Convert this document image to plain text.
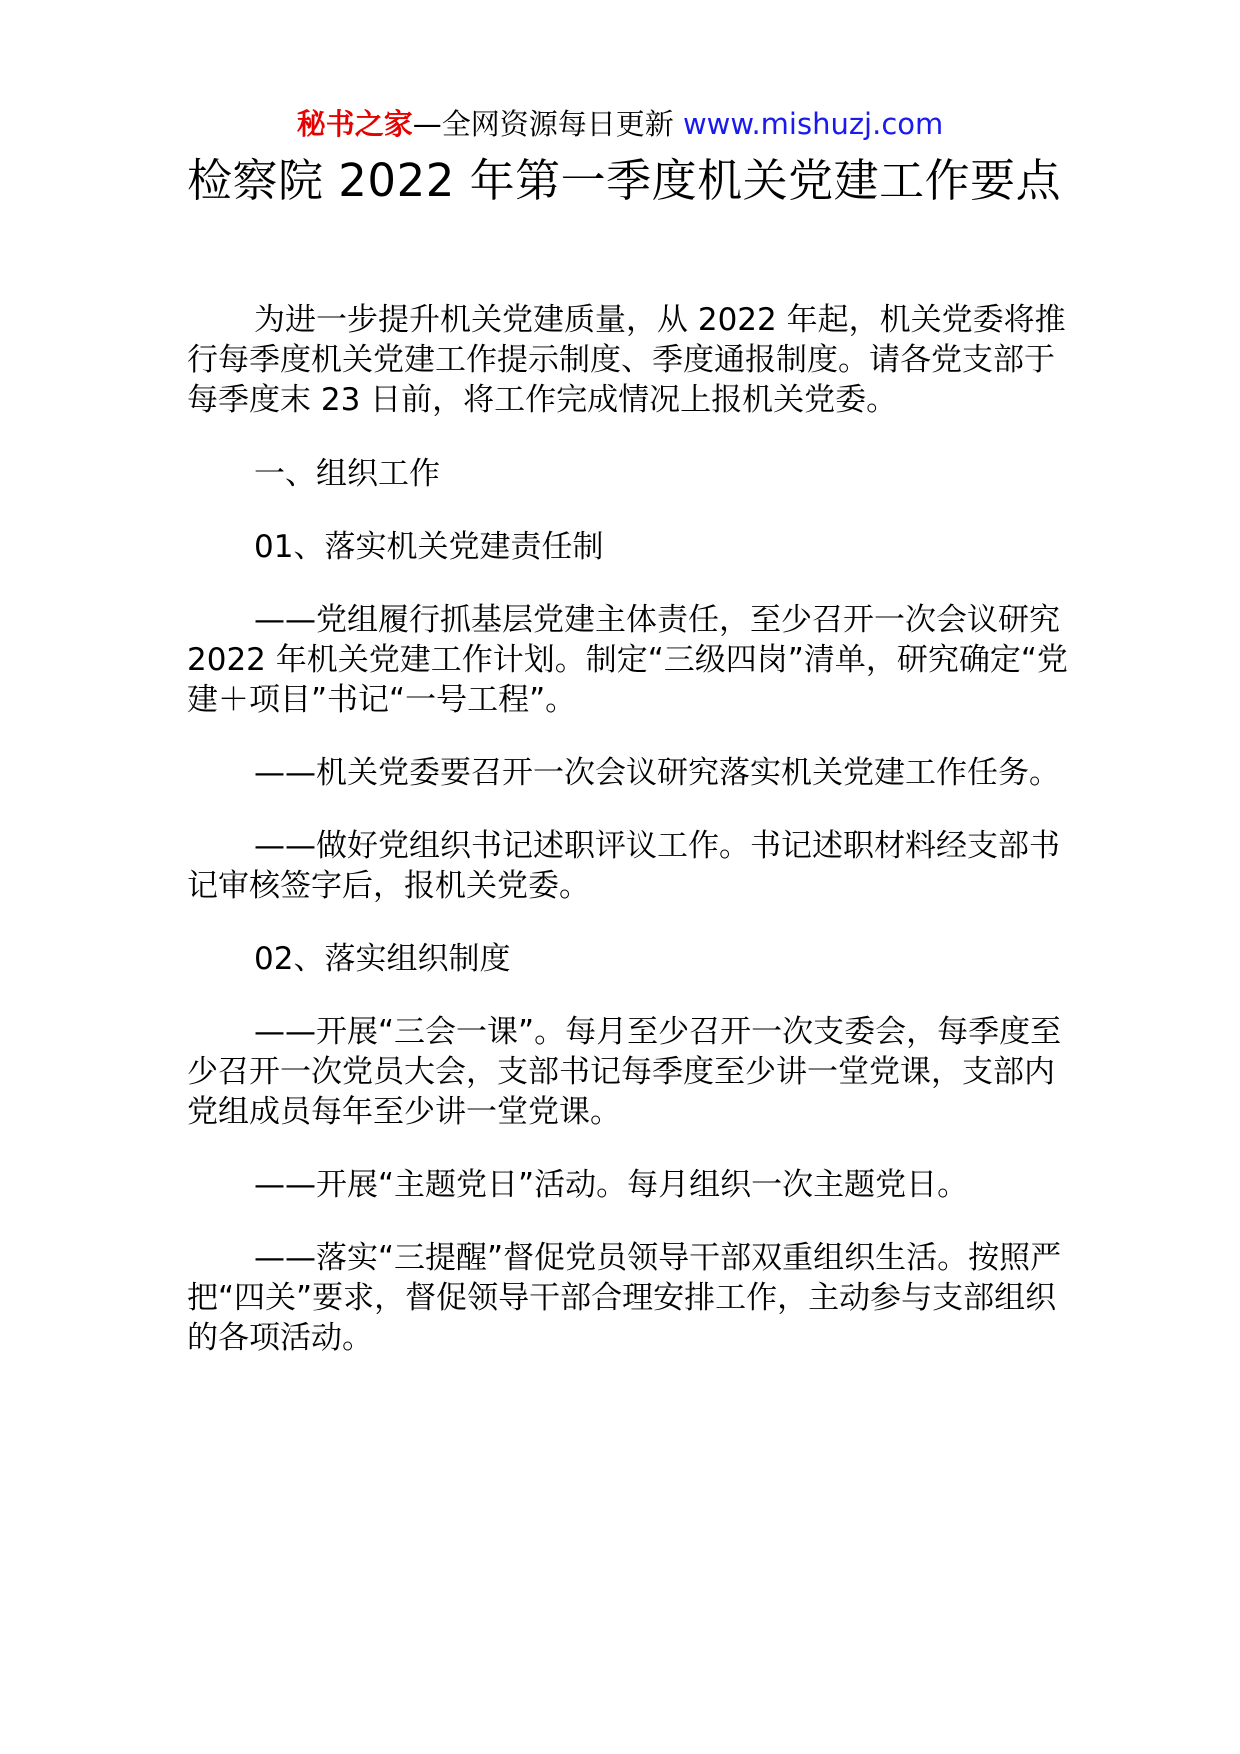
秘书之家—全网资源每日更新 www.mishuzj.com
检察院 2022 年第一季度机关党建工作要点

为进一步提升机关党建质量，从 2022 年起，机关党委将推行每季度机关党建工作提示制度、季度通报制度。请各党支部于每季度末 23 日前，将工作完成情况上报机关党委。

一、组织工作

01、落实机关党建责任制

——党组履行抓基层党建主体责任，至少召开一次会议研究 2022 年机关党建工作计划。制定“三级四岗”清单，研究确定“党建＋项目”书记“一号工程”。

——机关党委要召开一次会议研究落实机关党建工作任务。

——做好党组织书记述职评议工作。书记述职材料经支部书记审核签字后，报机关党委。

02、落实组织制度

——开展“三会一课”。每月至少召开一次支委会，每季度至少召开一次党员大会，支部书记每季度至少讲一堂党课，支部内党组成员每年至少讲一堂党课。

——开展“主题党日”活动。每月组织一次主题党日。

——落实“三提醒”督促党员领导干部双重组织生活。按照严把“四关”要求，督促领导干部合理安排工作，主动参与支部组织的各项活动。
